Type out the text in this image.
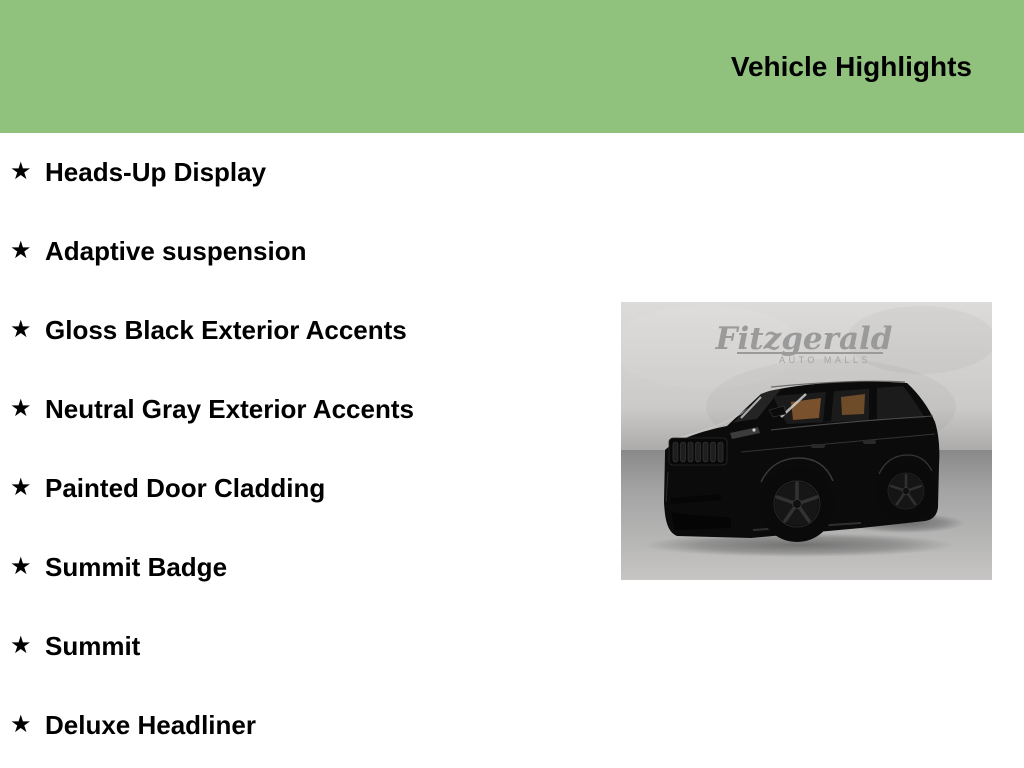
Vehicle Highlights
★ Heads-Up Display
★ Adaptive suspension
★ Gloss Black Exterior Accents
★ Neutral Gray Exterior Accents
★ Painted Door Cladding
★ Summit Badge
★ Summit
★ Deluxe Headliner
Fitzgerald
AUTO MALLS
